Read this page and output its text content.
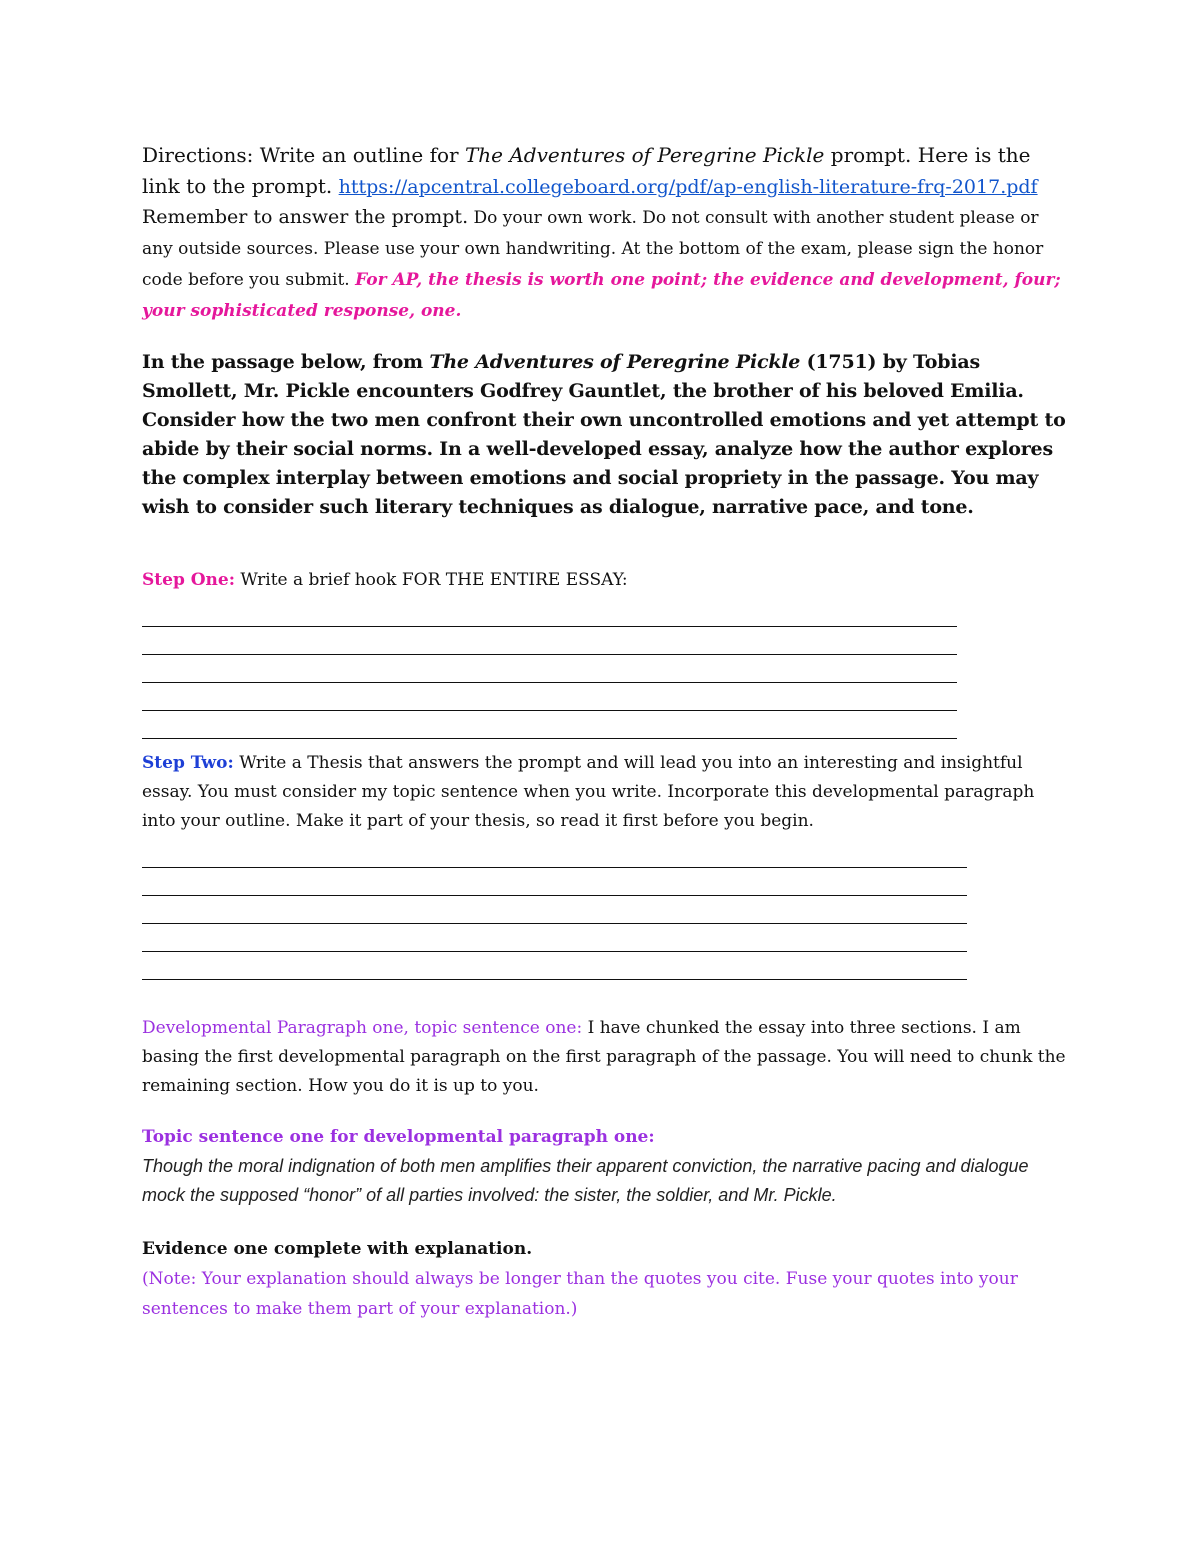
Directions: Write an outline for The Adventures of Peregrine Pickle prompt. Here is the link to the prompt. https://apcentral.collegeboard.org/pdf/ap-english-literature-frq-2017.pdf
Remember to answer the prompt. Do your own work. Do not consult with another student please or any outside sources. Please use your own handwriting. At the bottom of the exam, please sign the honor code before you submit. For AP, the thesis is worth one point; the evidence and development, four; your sophisticated response, one.

In the passage below, from The Adventures of Peregrine Pickle (1751) by Tobias Smollett, Mr. Pickle encounters Godfrey Gauntlet, the brother of his beloved Emilia. Consider how the two men confront their own uncontrolled emotions and yet attempt to abide by their social norms. In a well-developed essay, analyze how the author explores the complex interplay between emotions and social propriety in the passage. You may wish to consider such literary techniques as dialogue, narrative pace, and tone.
Step One: Write a brief hook FOR THE ENTIRE ESSAY:
Step Two: Write a Thesis that answers the prompt and will lead you into an interesting and insightful essay. You must consider my topic sentence when you write. Incorporate this developmental paragraph into your outline. Make it part of your thesis, so read it first before you begin.
Developmental Paragraph one, topic sentence one: I have chunked the essay into three sections. I am basing the first developmental paragraph on the first paragraph of the passage. You will need to chunk the remaining section. How you do it is up to you.
Topic sentence one for developmental paragraph one:

Though the moral indignation of both men amplifies their apparent conviction, the narrative pacing and dialogue mock the supposed “honor” of all parties involved: the sister, the soldier, and Mr. Pickle.

Evidence one complete with explanation.

(Note: Your explanation should always be longer than the quotes you cite. Fuse your quotes into your sentences to make them part of your explanation.)
